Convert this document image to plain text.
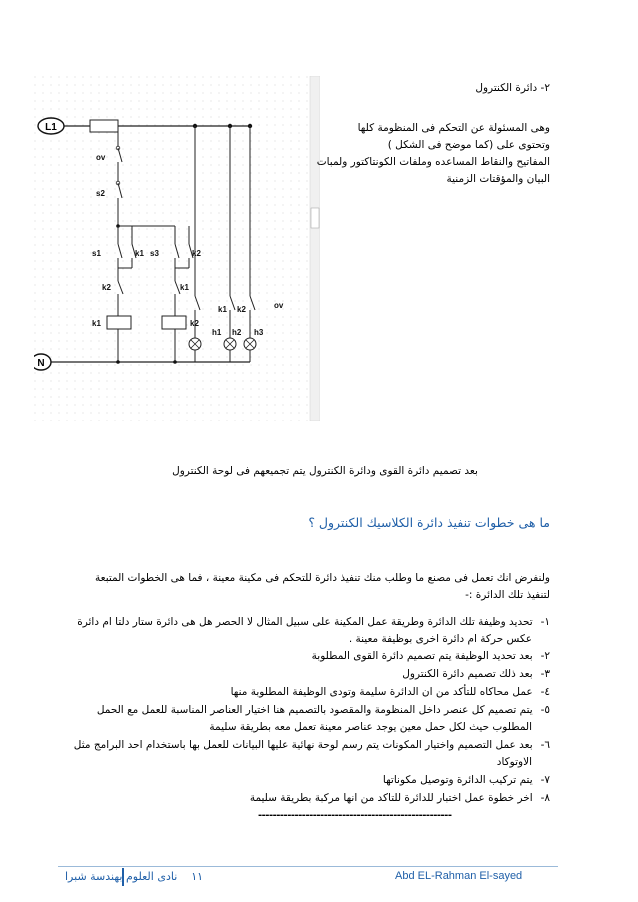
L1
N
ov
s2
s1	k1 s3	k2
k2	k1
k1	k2
k1 k2	ov
h1 h2 h3
٢- دائرة الكنترول
وهى المسئولة عن التحكم فى المنظومة كلها
وتحتوى على (كما موضح فى الشكل )
المفاتيح والنقاط المساعده وملفات الكونتاكتور ولمبات
البيان والمؤقتات الزمنية
بعد تصميم دائرة القوى ودائرة الكنترول يتم تجميعهم فى لوحة الكنترول
ما هى خطوات تنفيذ دائرة الكلاسيك الكنترول ؟
ولنفرض انك تعمل فى مصنع ما وطلب منك تنفيذ دائرة للتحكم فى مكينة معينة ، فما هى الخطوات المتبعة
لتنفيذ تلك الدائرة :-
١- تحديد وظيفة تلك الدائرة وطريقة عمل المكينة على سبيل المثال لا الحصر هل هى دائرة ستار دلتا ام دائرة
عكس حركة ام دائرة اخرى بوظيفة معينة .
٢- بعد تحديد الوظيفة يتم تصميم دائرة القوى المطلوبة
٣- بعد ذلك تصميم دائرة الكنترول
٤- عمل محاكاه للتأكد من ان الدائرة سليمة وتودى الوظيفة المطلوبة منها
٥- يتم تصميم كل عنصر داخل المنظومة والمقصود بالتصميم هنا اختيار العناصر المناسبة للعمل مع الحمل
المطلوب حيث لكل حمل معين يوجد عناصر معينة تعمل معه بطريقة سليمة
٦- بعد عمل التصميم واختيار المكونات يتم رسم لوحة نهائية عليها البيانات للعمل بها باستخدام احد البرامج مثل
الاوتوكاد
٧- يتم تركيب الدائرة وتوصيل مكوناتها
٨- اخر خطوة عمل اختبار للدائرة للتاكد من انها مركبة بطريقة سليمة
-----------------------------------------------------
Abd EL-Rahman El-sayed
١١    نادى العلوم بهندسة شبرا
